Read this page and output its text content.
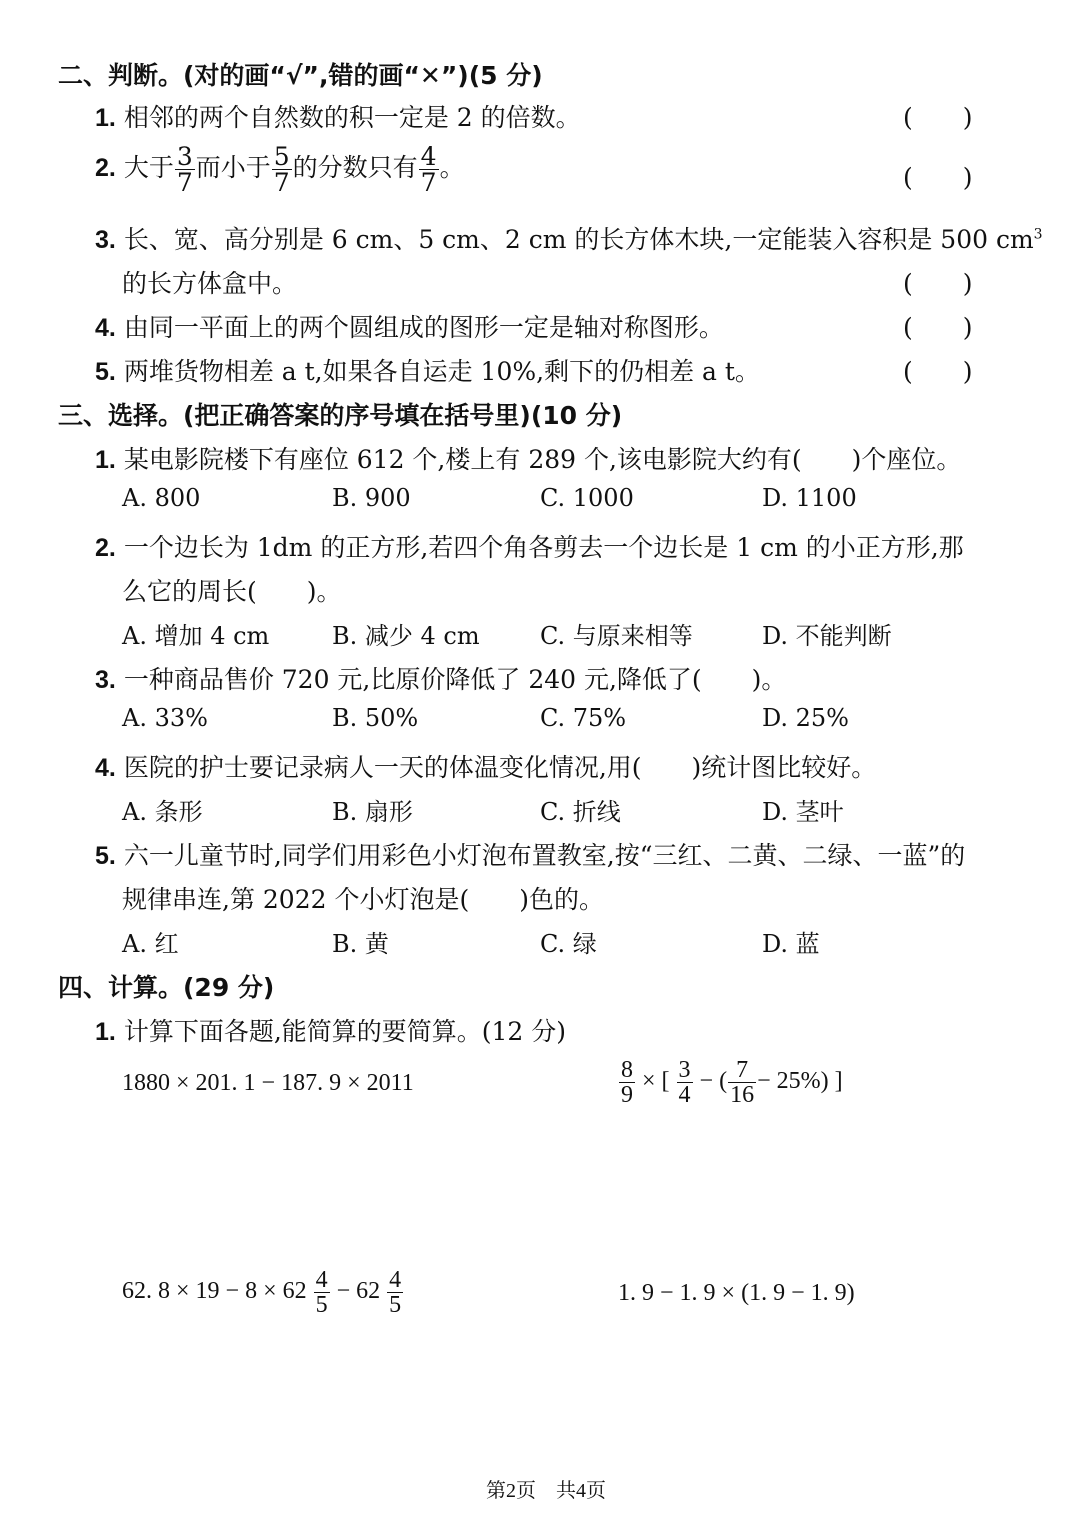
二、判断。(对的画“√”,错的画“✕”)(5 分)
1. 相邻的两个自然数的积一定是 2 的倍数。	(　　)
2. 大于 $\frac{3}{7}$ 而小于 $\frac{5}{7}$ 的分数只有 $\frac{4}{7}$ 。	(　　)
3. 长、宽、高分别是 6 cm、5 cm、2 cm 的长方体木块,一定能装入容积是 500 $cm^3$
的长方体盒中。	(　　)
4. 由同一平面上的两个圆组成的图形一定是轴对称图形。	(　　)
5. 两堆货物相差 a t,如果各自运走 10%,剩下的仍相差 a t。	(　　)
三、选择。(把正确答案的序号填在括号里)(10 分)
1. 某电影院楼下有座位 612 个,楼上有 289 个,该电影院大约有(　　)个座位。
A. 800	B. 900	C. 1000	D. 1100
2. 一个边长为 1dm 的正方形,若四个角各剪去一个边长是 1 cm 的小正方形,那
么它的周长(　　)。
A. 增加 4 cm	B. 减少 4 cm	C. 与原来相等	D. 不能判断
3. 一种商品售价 720 元,比原价降低了 240 元,降低了(　　)。
A. 33%	B. 50%	C. 75%	D. 25%
4. 医院的护士要记录病人一天的体温变化情况,用(　　)统计图比较好。
A. 条形	B. 扇形	C. 折线	D. 茎叶
5. 六一儿童节时,同学们用彩色小灯泡布置教室,按“三红、二黄、二绿、一蓝”的
规律串连,第 2022 个小灯泡是(　　)色的。
A. 红	B. 黄	C. 绿	D. 蓝
四、计算。(29 分)
1. 计算下面各题,能简算的要简算。(12 分)
1880 × 201. 1 − 187. 9 × 2011	$\frac{8}{9}$ × [ $\frac{3}{4}$ − ( $\frac{7}{16} - 25\%$) ]
62. $8 \times 19 - 8 \times 62 \frac{4}{5} - 62 \frac{4}{5}$	1. 9 − 1. 9 × (1. 9 − 1. 9)
第2页　共4页
